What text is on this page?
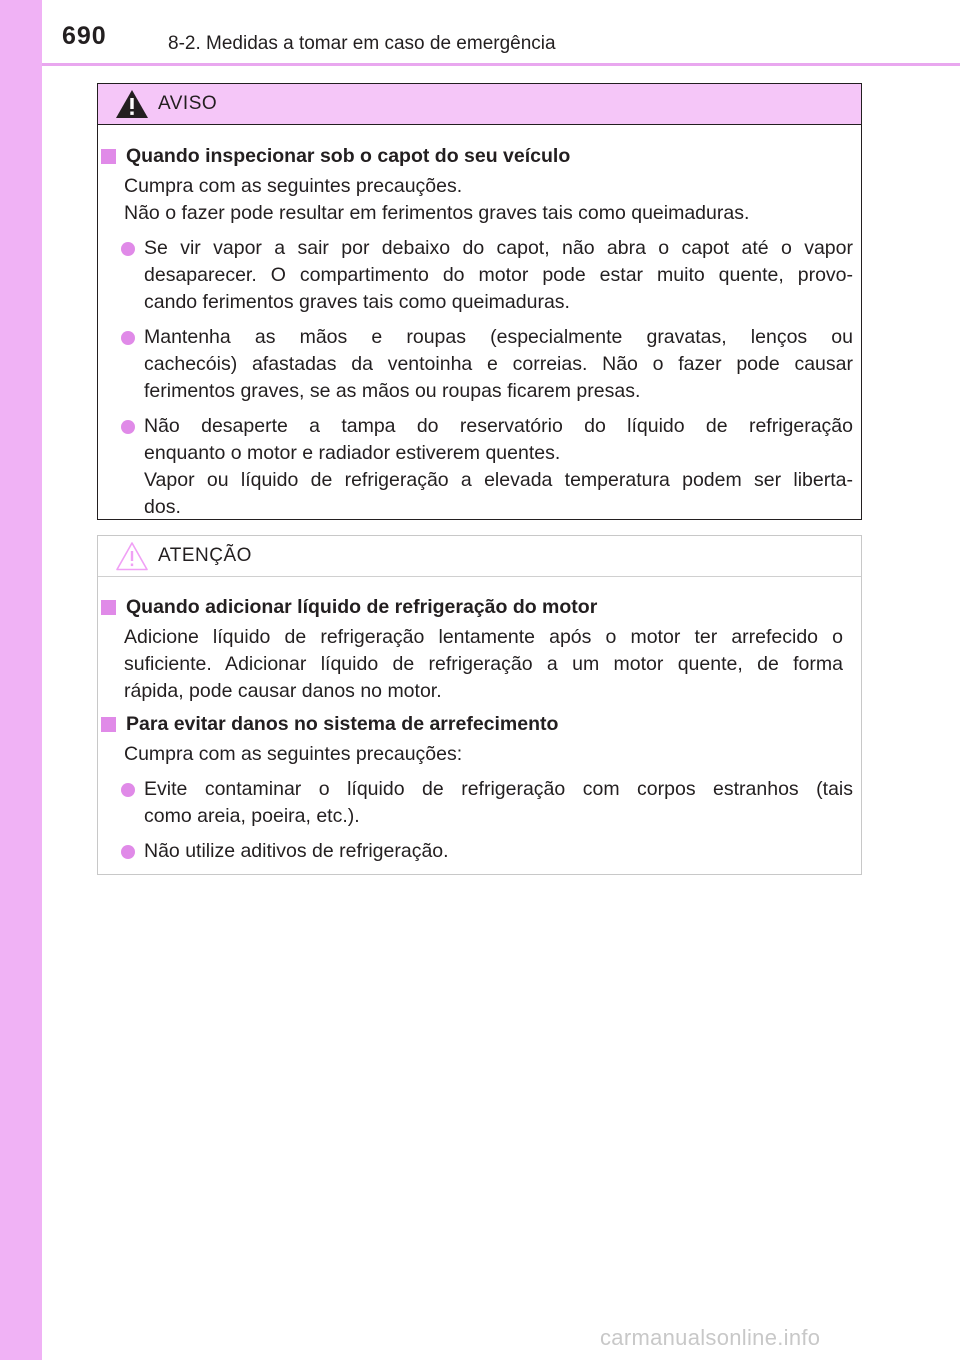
690	8-2. Medidas a tomar em caso de emergência
AVISO
Quando inspecionar sob o capot do seu veículo
Cumpra com as seguintes precauções.
Não o fazer pode resultar em ferimentos graves tais como queimaduras.
Se vir vapor a sair por debaixo do capot, não abra o capot até o vapor
desaparecer. O compartimento do motor pode estar muito quente, provo-
cando ferimentos graves tais como queimaduras.
Mantenha as mãos e roupas (especialmente gravatas, lenços ou
cachecóis) afastadas da ventoinha e correias. Não o fazer pode causar
ferimentos graves, se as mãos ou roupas ficarem presas.
Não desaperte a tampa do reservatório do líquido de refrigeração
enquanto o motor e radiador estiverem quentes.
Vapor ou líquido de refrigeração a elevada temperatura podem ser liberta-
dos.
ATENÇÃO
Quando adicionar líquido de refrigeração do motor
Adicione líquido de refrigeração lentamente após o motor ter arrefecido o
suficiente. Adicionar líquido de refrigeração a um motor quente, de forma
rápida, pode causar danos no motor.
Para evitar danos no sistema de arrefecimento
Cumpra com as seguintes precauções:
Evite contaminar o líquido de refrigeração com corpos estranhos (tais
como areia, poeira, etc.).
Não utilize aditivos de refrigeração.
carmanualsonline.info
